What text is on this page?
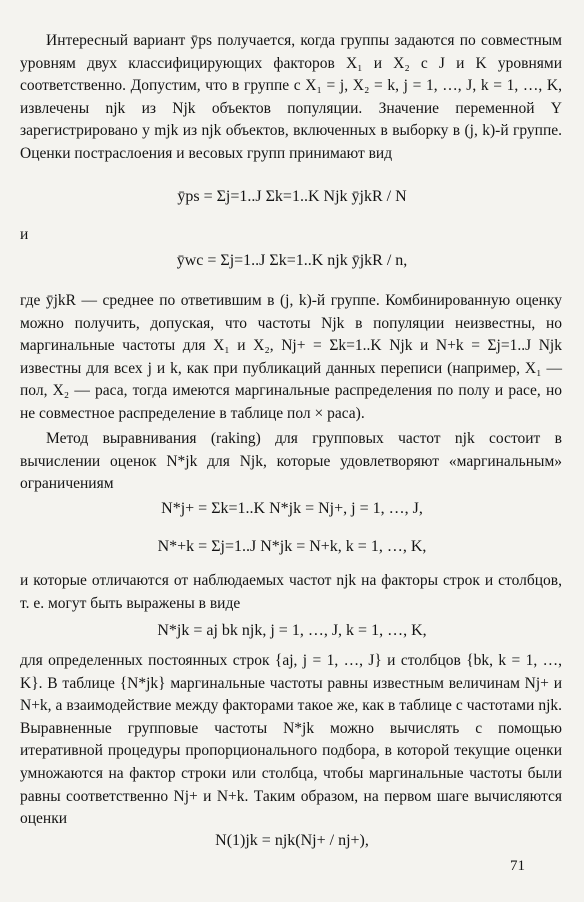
Интересный вариант ȳps получается, когда группы задаются по совместным уровням двух классифицирующих факторов X₁ и X₂ с J и K уровнями соответственно. Допустим, что в группе с X₁ = j, X₂ = k, j = 1, …, J, k = 1, …, K, извлечены njk из Njk объектов популяции. Значение переменной Y зарегистрировано у mjk из njk объектов, включенных в выборку в (j, k)-й группе. Оценки постраслоения и весовых групп принимают вид

ȳps = Σj=1..J Σk=1..K Njk ȳjkR / N
и
ȳwc = Σj=1..J Σk=1..K njk ȳjkR / n,

где ȳjkR — среднее по ответившим в (j, k)-й группе. Комбинированную оценку можно получить, допуская, что частоты Njk в популяции неизвестны, но маргинальные частоты для X₁ и X₂, Nj+ = Σk=1..K Njk и N+k = Σj=1..J Njk известны для всех j и k, как при публикаций данных переписи (например, X₁ — пол, X₂ — раса, тогда имеются маргинальные распределения по полу и расе, но не совместное распределение в таблице пол × раса).

Метод выравнивания (raking) для групповых частот njk состоит в вычислении оценок N*jk для Njk, которые удовлетворяют «маргинальным» ограничениям

N*j+ = Σk=1..K N*jk = Nj+, j = 1, …, J,
N*+k = Σj=1..J N*jk = N+k, k = 1, …, K,

и которые отличаются от наблюдаемых частот njk на факторы строк и столбцов, т. е. могут быть выражены в виде

N*jk = aj bk njk, j = 1, …, J, k = 1, …, K,

для определенных постоянных строк {aj, j = 1, …, J} и столбцов {bk, k = 1, …, K}. В таблице {N*jk} маргинальные частоты равны известным величинам Nj+ и N+k, а взаимодействие между факторами такое же, как в таблице с частотами njk. Выравненные групповые частоты N*jk можно вычислять с помощью итеративной процедуры пропорционального подбора, в которой текущие оценки умножаются на фактор строки или столбца, чтобы маргинальные частоты были равны соответственно Nj+ и N+k. Таким образом, на первом шаге вычисляются оценки

N(1)jk = njk(Nj+ / nj+),
71
